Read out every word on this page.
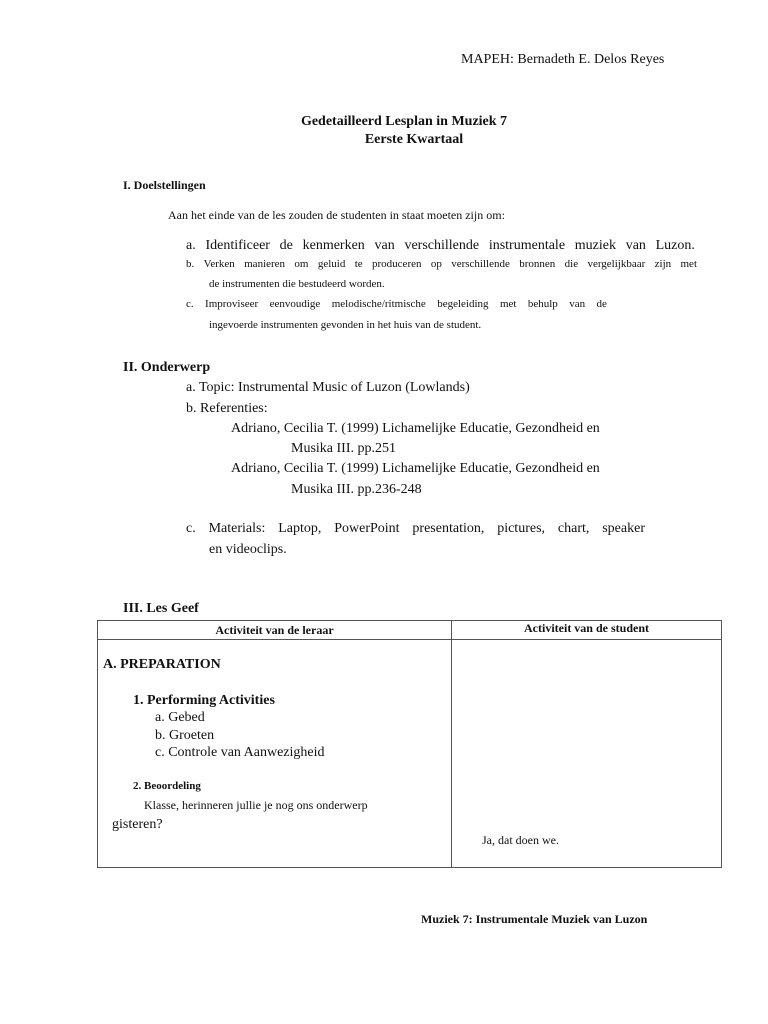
MAPEH: Bernadeth E. Delos Reyes
Gedetailleerd Lesplan in Muziek 7
Eerste Kwartaal
I. Doelstellingen
Aan het einde van de les zouden de studenten in staat moeten zijn om:
a. Identificeer de kenmerken van verschillende instrumentale muziek van Luzon.
b. Verken manieren om geluid te produceren op verschillende bronnen die vergelijkbaar zijn met
de instrumenten die bestudeerd worden.
c. Improviseer eenvoudige melodische/ritmische begeleiding met behulp van de
ingevoerde instrumenten gevonden in het huis van de student.
II. Onderwerp
a. Topic: Instrumental Music of Luzon (Lowlands)
b. Referenties:
Adriano, Cecilia T. (1999) Lichamelijke Educatie, Gezondheid en
Musika III. pp.251
Adriano, Cecilia T. (1999) Lichamelijke Educatie, Gezondheid en
Musika III. pp.236-248
c. Materials: Laptop, PowerPoint presentation, pictures, chart, speaker
en videoclips.
III. Les Geef
Activiteit van de leraar	Activiteit van de student
A. PREPARATION
1. Performing Activities
a. Gebed
b. Groeten
c. Controle van Aanwezigheid
2. Beoordeling
Klasse, herinneren jullie je nog ons onderwerp
gisteren?
Ja, dat doen we.
Muziek 7: Instrumentale Muziek van Luzon
